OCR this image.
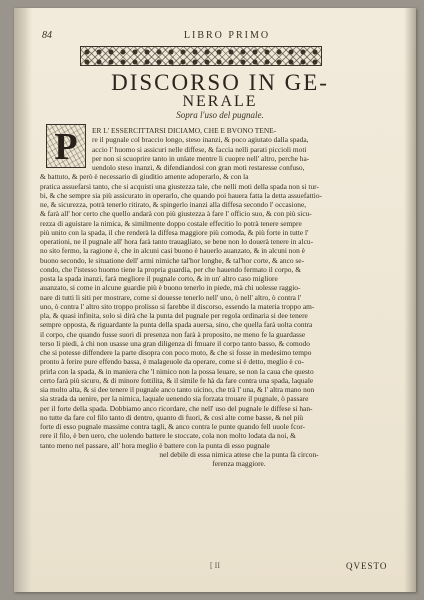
84	LIBRO PRIMO
DISCORSO IN GE-
NERALE
Sopra l'uso del pugnale.
ER L' ESSERCITTARSI DICIAMO, CHE E BVONO TENE-
re il pugnale col braccio longo, steso inanzi, & poco agiutato dalla spada,
accio l' huomo si assicuri nelle diffese, & faccia nelli parati piccioli moti
per non si scuoprire tanto in unlate mentre li cuopre nell' altro, perche ha-
uendolo steso inanzi, & difendiandosi con gran moti restaresse confuso,
& battuto, & però è necessario di giuditio amente adoperarlo, & con la
pratica assuefarsi tanto, che si acquisti una giustezza tale, che nelli moti della spada non si tur-
bi, & che sempre sia più assicurato in operarlo, che quando poi hauera fatta la detta assuefattio-
ne, & sicurezza, potrà tenerlo ritirato, & spingerlo inanzi alla diffesa secondo l' occasione,
& farà all' hor certo che quello andarà con più giustezza à fare l' officio suo, & con più sicu-
rezza di aguistare la nimica, & similmente doppo costale effecitio lo potrà tenere sempre
più unito con la spada, il che renderà la diffesa maggiore più comoda, & più forte in tutte l'
operationi, ne il pugnale all' hora farà tanto trauagliato, se bene non lo douerà tenere in alcu-
no sito fermo, la ragione è, che in alcuni casi buono è hauerlo auanzato, & in alcuni non è
buono secondo, le situatione dell' armi nimiche tal'hor longhe, & tal'hor corte, & anco se-
condo, che l'istesso huomo tiene la propria guardia, per che hauendo fermato il corpo, &
posta la spada inanzi, farà megliore il pugnale corto, & in un' altro caso migliore
auanzato, si come in alcune guardie più è buono tenerlo in piede, mà chi uolesse raggio-
nare di tutti li siti per mostrare, come si douesse tenerlo nell' uno, ò nell' altro, ò contra l'
uno, ò contra l' altro sito troppo prolisso si farebbe il discorso, essendo la materia troppo am-
pla, & quasi infinita, solo si dirà che la punta del pugnale per regola ordinaria si dee tenere
sempre opposta, & riguardante la punta della spada auersa, sino, che quella farà uolta contra
il corpo, che quando fusse suori di presenza non farà à proposito, ne meno fe la guardasse
terso li piedi, à chi non usasse una gran diligenza di fmuare il corpo tanto basso, & comodo
che si potesse diffendere la parte disopra con poco moto, & che si fosse in medesimo tempo
pronto à ferire pure effendo bassa, è malageuole da operare, come si è detto, meglio è co-
prirla con la spada, & in maniera che 'l nimico non la possa leuare, se non la caua che questo
certo farà più sicuro, & di minore fottilita, & il simile fe hà da fare contra una spada, laquale
sia molto alta, & si dee tenere il pugnale anco tanto uicino, che trà l' una, & l' altra mano non
sia strada da uenire, per la nimica, laquale uenendo sia forzata trouare il pugnale, ò passare
per il forte della spada. Dobbiamo anco ricordare, che nell' uso del pugnale le diffese si han-
no tutte da fare col filo tanto di dentro, quanto di fuori, & così alte come basse, & nel più
forte di esso pugnale massime contra tagli, & anco contra le punte quando fell uuole fcor-
rere il filo, è ben uero, che uolendo battere le stoccate, cola non molto lodata da noi, &
tanto meno nel passare, all' hora meglio è battere con la punta di esso pugnale
nel debile di essa nimica attese che la punta fà circon-
ferenza maggiore.
P
[ II	QVESTO
